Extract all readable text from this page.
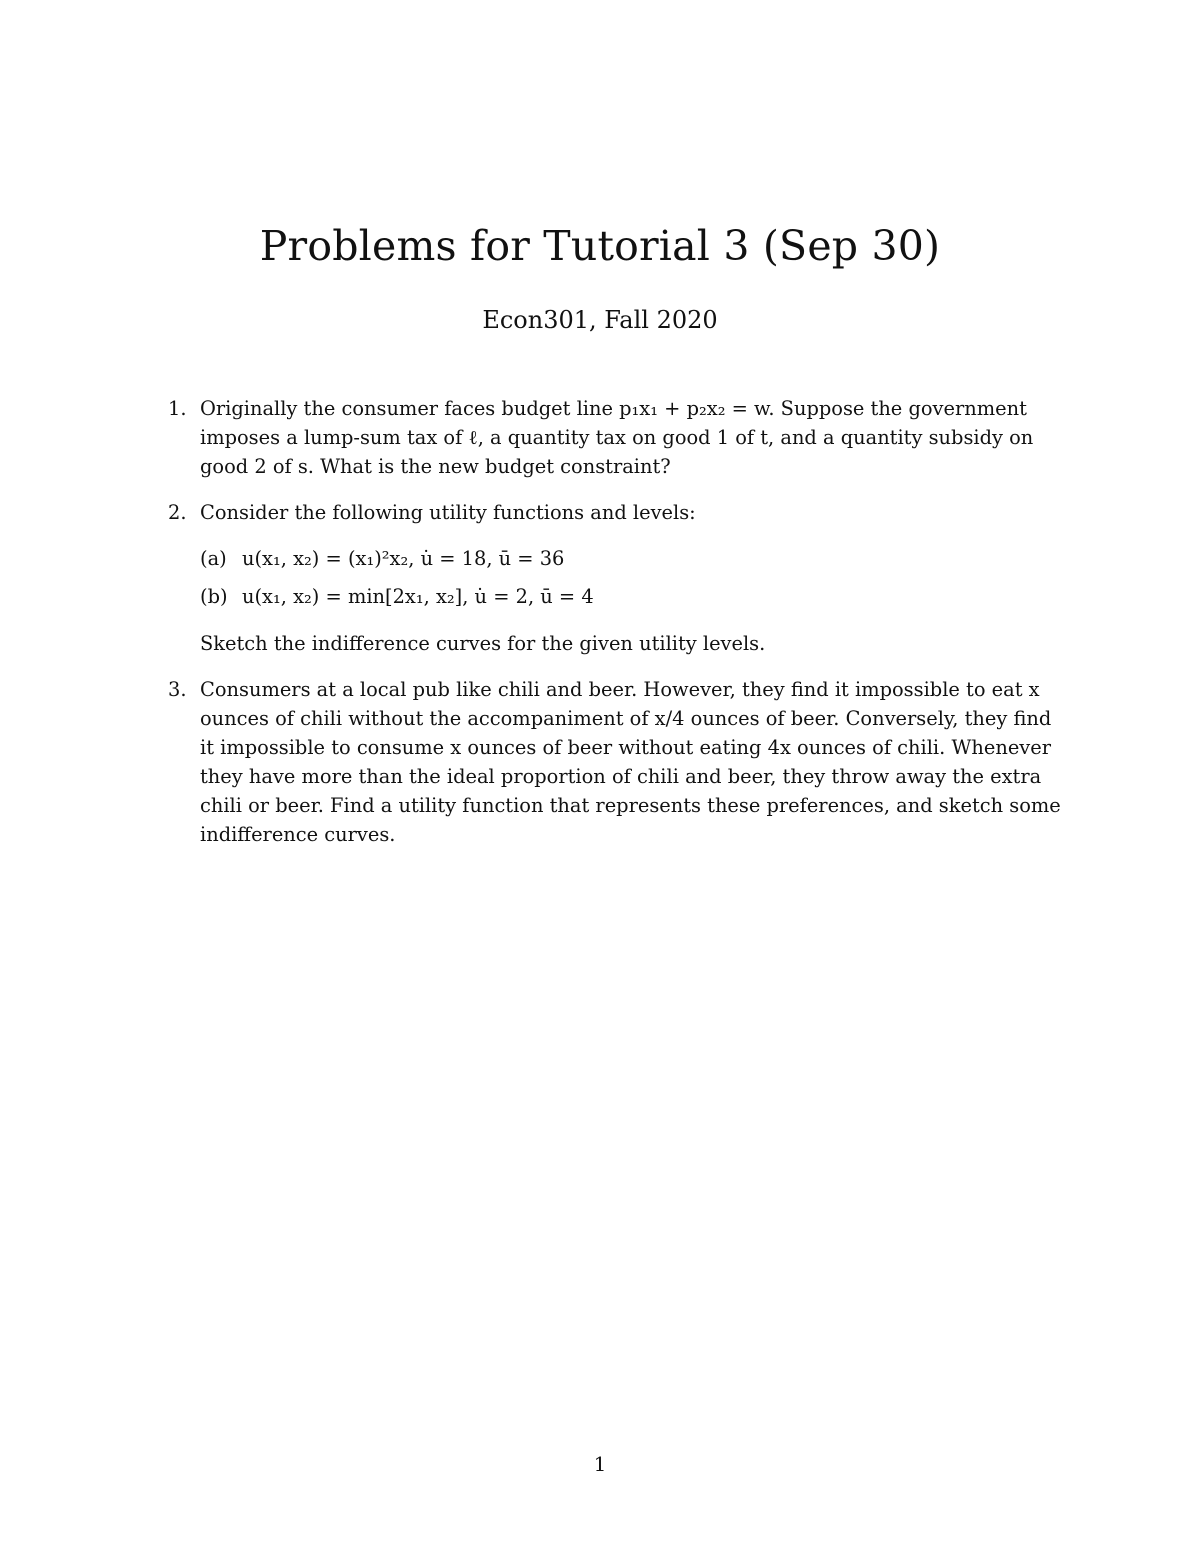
Problems for Tutorial 3 (Sep 30)
Econ301, Fall 2020
1. Originally the consumer faces budget line p₁x₁ + p₂x₂ = w. Suppose the government imposes a lump-sum tax of ℓ, a quantity tax on good 1 of t, and a quantity subsidy on good 2 of s. What is the new budget constraint?
2. Consider the following utility functions and levels:
(a) u(x₁, x₂) = (x₁)²x₂, u̇ = 18, ū = 36
(b) u(x₁, x₂) = min[2x₁, x₂], u̇ = 2, ū = 4
Sketch the indifference curves for the given utility levels.
3. Consumers at a local pub like chili and beer. However, they find it impossible to eat x ounces of chili without the accompaniment of x/4 ounces of beer. Conversely, they find it impossible to consume x ounces of beer without eating 4x ounces of chili. Whenever they have more than the ideal proportion of chili and beer, they throw away the extra chili or beer. Find a utility function that represents these preferences, and sketch some indifference curves.
1
